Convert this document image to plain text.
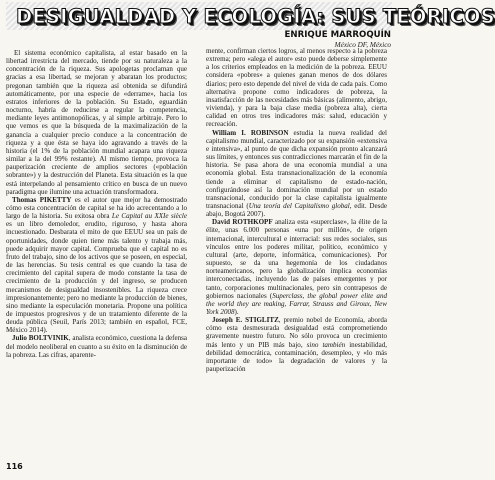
DESIGUALDAD Y ECOLOGÍA: SUS TEÓRICOS
ENRIQUE MARROQUÍN
México DF, México

El sistema económico capitalista, al estar basado en la libertad irrestricta del mercado, tiende por su naturaleza a la concentración de la riqueza. Sus apologetas proclaman que gracias a esa libertad, se mejoran y abaratan los productos; pregonan también que la riqueza así obtenida se difundirá automáticamente, por una especie de «derrame», hacia los estratos inferiores de la población. Su Estado, eguardián nocturno, habría de reducirse a regular la competencia, mediante leyes antimonopólicas, y al simple arbitraje. Pero lo que vemos es que la búsqueda de la maximalización de la ganancia a cualquier precio conduce a la concentración de riqueza y a que ésta se haya ido agravando a través de la historia (el 1% de la población mundial acapara una riqueza similar a la del 99% restante). Al mismo tiempo, provoca la pauperización creciente de amplios sectores («población sobrante») y la destrucción del Planeta. Esta situación es la que está interpelando al pensamiento crítico en busca de un nuevo paradigma que ilumine una actuación transformadora.

Thomas PIKETTY es el autor que mejor ha demostrado cómo esta concentración de capital se ha ido acrecentando a lo largo de la historia. Su exitosa obra Le Capital au XXIe siècle es un libro demoledor, erudito, riguroso, y hasta ahora incuestionado. Desbarata el mito de que EEUU sea un país de oportunidades, donde quien tiene más talento y trabaja más, puede adquirir mayor capital. Comprueba que el capital no es fruto del trabajo, sino de los activos que se poseen, en especial, de las herencias. Su tesis central es que cuando la tasa de crecimiento del capital supera de modo constante la tasa de crecimiento de la producción y del ingreso, se producen mecanismos de desigualdad insostenibles. La riqueza crece impresionantemente; pero no mediante la producción de bienes, sino mediante la especulación monetaria. Propone una política de impuestos progresivos y de un tratamiento diferente de la deuda pública (Seuil, París 2013; también en español, FCE, México 2014).

Julio BOLTVINIK, analista económico, cuestiona la defensa del modelo neoliberal en cuanto a su éxito en la disminución de la pobreza. Las cifras, aparente-

mente, confirman ciertos logros, al menos respecto a la pobreza extrema; pero «alega el autor» esto puede deberse simplemente a los criterios empleados en la medición de la pobreza. EEUU considera «pobres» a quienes ganan menos de dos dólares diarios; pero esto depende del nivel de vida de cada país. Como alternativa propone como indicadores de pobreza, la insatisfacción de las necesidades más básicas (alimento, abrigo, vivienda), y para la baja clase media (pobreza alta), cierta calidad en otros tres indicadores más: salud, educación y recreación.

William I. ROBINSON estudia la nueva realidad del capitalismo mundial, caracterizado por su expansión «extensiva e intensiva», al punto de que dicha expansión pronto alcanzará sus límites, y entonces sus contradicciones marcarán el fin de la historia. Se pasa ahora de una economía mundial a una economía global. Esta transnacionalización de la economía tiende a eliminar el capitalismo de estado-nación, configurándose así la dominación mundial por un estado transnacional, conducido por la clase capitalista igualmente transnacional (Una teoría del Capitalismo global, edit. Desde abajo, Bogotá 2007).

David ROTHKOPF analiza esta «superclase», la élite de la élite, unas 6.000 personas «una por millón», de origen internacional, intercultural e interracial: sus redes sociales, sus vínculos entre los poderes militar, político, económico y cultural (arte, deporte, informática, comunicaciones). Por supuesto, se da una hegemonía de los ciudadanos norteamericanos, pero la globalización implica economías interconectadas, incluyendo las de países emergentes y por tanto, corporaciones multinacionales, pero sin contrapesos de gobiernos nacionales (Superclass, the global power elite and the world they are making, Farrar, Strauss and Giroux, New York 2008).

Joseph E. STIGLITZ, premio nobel de Economía, aborda cómo esta desmesurada desigualdad está comprometiendo gravemente nuestro futuro. No sólo provoca un crecimiento más lento y un PIB más bajo, sino también inestabilidad, debilidad democrática, contaminación, desempleo, y «lo más importante de todo» la degradación de valores y la pauperización

116
